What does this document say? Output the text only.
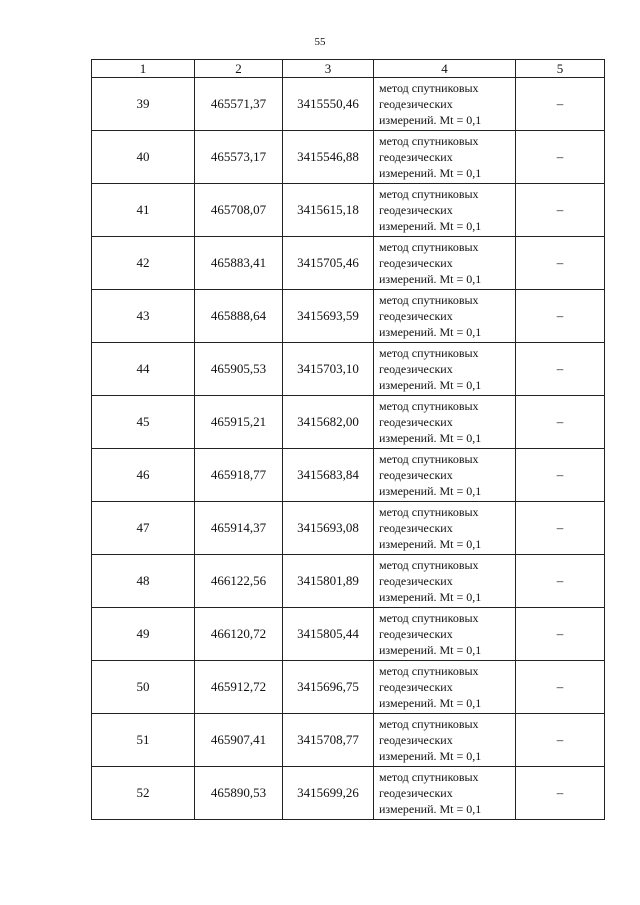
55
1	2	3	4	5
39	465571,37	3415550,46	метод спутниковых
геодезических
измерений. Mt = 0,1	–
40	465573,17	3415546,88	метод спутниковых
геодезических
измерений. Mt = 0,1	–
41	465708,07	3415615,18	метод спутниковых
геодезических
измерений. Mt = 0,1	–
42	465883,41	3415705,46	метод спутниковых
геодезических
измерений. Mt = 0,1	–
43	465888,64	3415693,59	метод спутниковых
геодезических
измерений. Mt = 0,1	–
44	465905,53	3415703,10	метод спутниковых
геодезических
измерений. Mt = 0,1	–
45	465915,21	3415682,00	метод спутниковых
геодезических
измерений. Mt = 0,1	–
46	465918,77	3415683,84	метод спутниковых
геодезических
измерений. Mt = 0,1	–
47	465914,37	3415693,08	метод спутниковых
геодезических
измерений. Mt = 0,1	–
48	466122,56	3415801,89	метод спутниковых
геодезических
измерений. Mt = 0,1	–
49	466120,72	3415805,44	метод спутниковых
геодезических
измерений. Mt = 0,1	–
50	465912,72	3415696,75	метод спутниковых
геодезических
измерений. Mt = 0,1	–
51	465907,41	3415708,77	метод спутниковых
геодезических
измерений. Mt = 0,1	–
52	465890,53	3415699,26	метод спутниковых
геодезических
измерений. Mt = 0,1	–
